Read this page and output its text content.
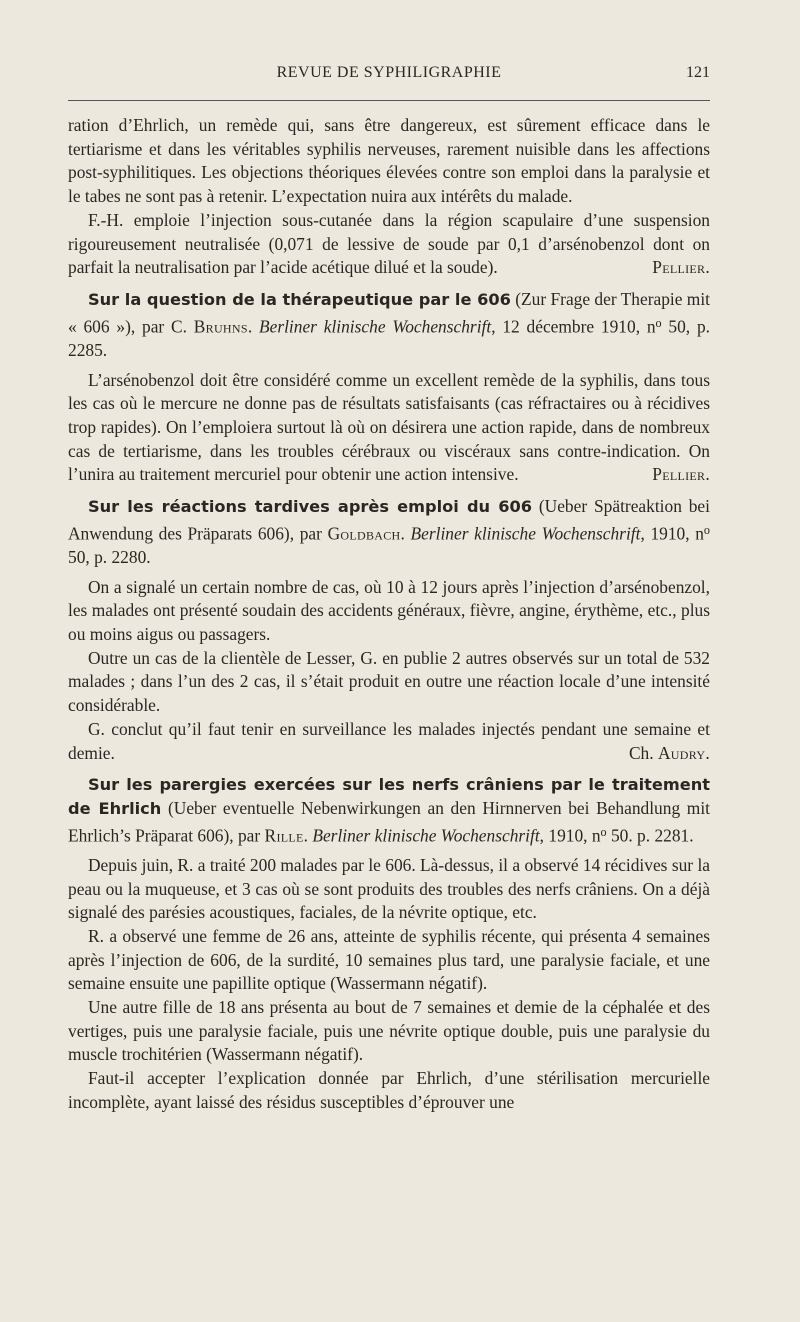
REVUE DE SYPHILIGRAPHIE	121

ration d’Ehrlich, un remède qui, sans être dangereux, est sûrement efficace dans le tertiarisme et dans les véritables syphilis nerveuses, rarement nuisible dans les affections post-syphilitiques. Les objections théoriques élevées contre son emploi dans la paralysie et le tabes ne sont pas à retenir. L’expectation nuira aux intérêts du malade.

F.-H. emploie l’injection sous-cutanée dans la région scapulaire d’une suspension rigoureusement neutralisée (0,071 de lessive de soude par 0,1 d’arsénobenzol dont on parfait la neutralisation par l’acide acétique dilué et la soude).	Pellier.

Sur la question de la thérapeutique par le 606 (Zur Frage der Therapie mit « 606 »), par C. Bruhns. Berliner klinische Wochenschrift, 12 décembre 1910, $n^o$ 50, p. 2285.

L’arsénobenzol doit être considéré comme un excellent remède de la syphilis, dans tous les cas où le mercure ne donne pas de résultats satisfaisants (cas réfractaires ou à récidives trop rapides). On l’emploiera surtout là où on désirera une action rapide, dans de nombreux cas de tertiarisme, dans les troubles cérébraux ou viscéraux sans contre-indication. On l’unira au traitement mercuriel pour obtenir une action intensive.	Pellier.

Sur les réactions tardives après emploi du 606 (Ueber Spätreaktion bei Anwendung des Präparats 606), par Goldbach. Berliner klinische Wochenschrift, 1910, $n^o$ 50, p. 2280.

On a signalé un certain nombre de cas, où 10 à 12 jours après l’injection d’arsénobenzol, les malades ont présenté soudain des accidents généraux, fièvre, angine, érythème, etc., plus ou moins aigus ou passagers.

Outre un cas de la clientèle de Lesser, G. en publie 2 autres observés sur un total de 532 malades ; dans l’un des 2 cas, il s’était produit en outre une réaction locale d’une intensité considérable.

G. conclut qu’il faut tenir en surveillance les malades injectés pendant une semaine et demie.	Ch. Audry.

Sur les parergies exercées sur les nerfs crâniens par le traitement de Ehrlich (Ueber eventuelle Nebenwirkungen an den Hirnnerven bei Behandlung mit Ehrlich’s Präparat 606), par Rille. Berliner klinische Wochenschrift, 1910, $n^o$ 50. p. 2281.

Depuis juin, R. a traité 200 malades par le 606. Là-dessus, il a observé 14 récidives sur la peau ou la muqueuse, et 3 cas où se sont produits des troubles des nerfs crâniens. On a déjà signalé des parésies acoustiques, faciales, de la névrite optique, etc.

R. a observé une femme de 26 ans, atteinte de syphilis récente, qui présenta 4 semaines après l’injection de 606, de la surdité, 10 semaines plus tard, une paralysie faciale, et une semaine ensuite une papillite optique (Wassermann négatif).

Une autre fille de 18 ans présenta au bout de 7 semaines et demie de la céphalée et des vertiges, puis une paralysie faciale, puis une névrite optique double, puis une paralysie du muscle trochitérien (Wassermann négatif).

Faut-il accepter l’explication donnée par Ehrlich, d’une stérilisation mercurielle incomplète, ayant laissé des résidus susceptibles d’éprouver une
